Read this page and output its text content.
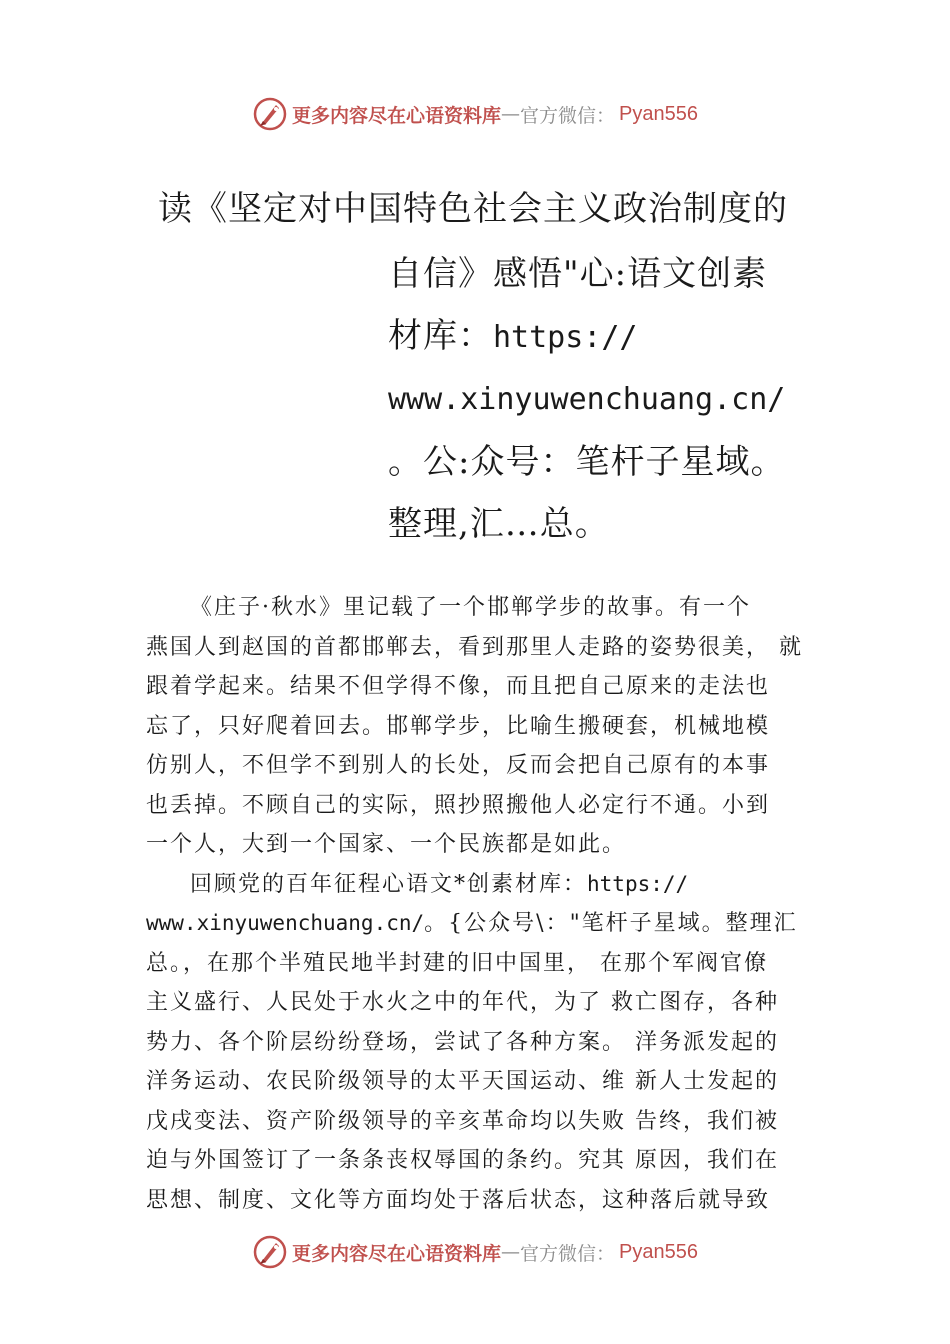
更多内容尽在心语资料库 — 官方微信： Pyan556
读《坚定对中国特色社会主义政治制度的
自信》感悟"心:语文创素
材库：https://
www.xinyuwenchuang.cn/
。公:众号：笔杆子星域。
整理,汇…总。
《庄子·秋水》里记载了一个邯郸学步的故事。有一个
燕国人到赵国的首都邯郸去，看到那里人走路的姿势很美， 就
跟着学起来。结果不但学得不像，而且把自己原来的走法也
忘了，只好爬着回去。邯郸学步，比喻生搬硬套，机械地模
仿别人，不但学不到别人的长处，反而会把自己原有的本事
也丢掉。不顾自己的实际，照抄照搬他人必定行不通。小到
一个人，大到一个国家、一个民族都是如此。
回顾党的百年征程心语文*创素材库：https://
www.xinyuwenchuang.cn/。{公众号\："笔杆子星域。整理汇
总。，在那个半殖民地半封建的旧中国里， 在那个军阀官僚
主义盛行、人民处于水火之中的年代，为了 救亡图存，各种
势力、各个阶层纷纷登场，尝试了各种方案。 洋务派发起的
洋务运动、农民阶级领导的太平天国运动、维 新人士发起的
戊戌变法、资产阶级领导的辛亥革命均以失败 告终，我们被
迫与外国签订了一条条丧权辱国的条约。究其 原因，我们在
思想、制度、文化等方面均处于落后状态，这种落后就导致
更多内容尽在心语资料库 — 官方微信： Pyan556
